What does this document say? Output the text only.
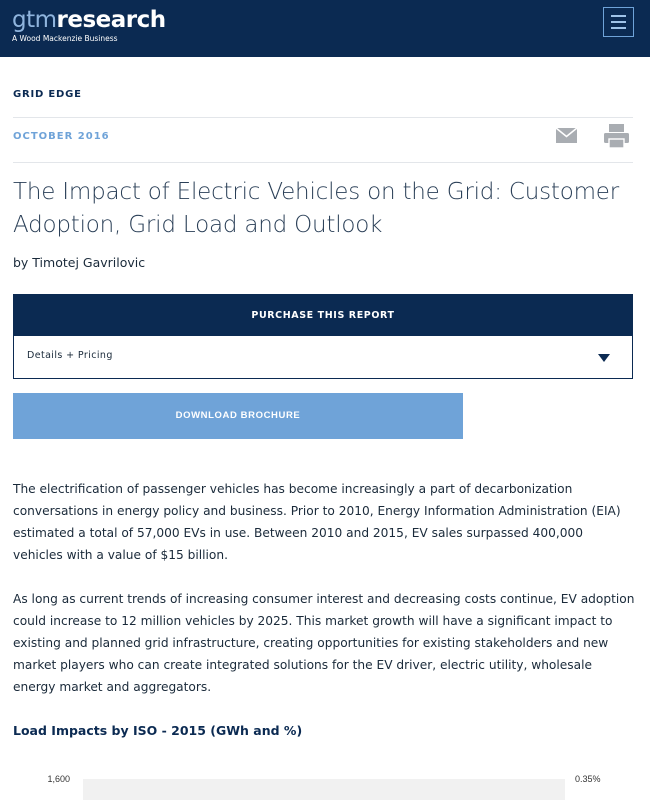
gtmresearch
A Wood Mackenzie Business
GRID EDGE
OCTOBER 2016
The Impact of Electric Vehicles on the Grid: Customer Adoption, Grid Load and Outlook
by Timotej Gavrilovic
PURCHASE THIS REPORT
Details + Pricing
DOWNLOAD BROCHURE

The electrification of passenger vehicles has become increasingly a part of decarbonization conversations in energy policy and business. Prior to 2010, Energy Information Administration (EIA) estimated a total of 57,000 EVs in use. Between 2010 and 2015, EV sales surpassed 400,000 vehicles with a value of $15 billion.

As long as current trends of increasing consumer interest and decreasing costs continue, EV adoption could increase to 12 million vehicles by 2025. This market growth will have a significant impact to existing and planned grid infrastructure, creating opportunities for existing stakeholders and new market players who can create integrated solutions for the EV driver, electric utility, wholesale energy market and aggregators.

Load Impacts by ISO - 2015 (GWh and %)
1,600	0.35%
